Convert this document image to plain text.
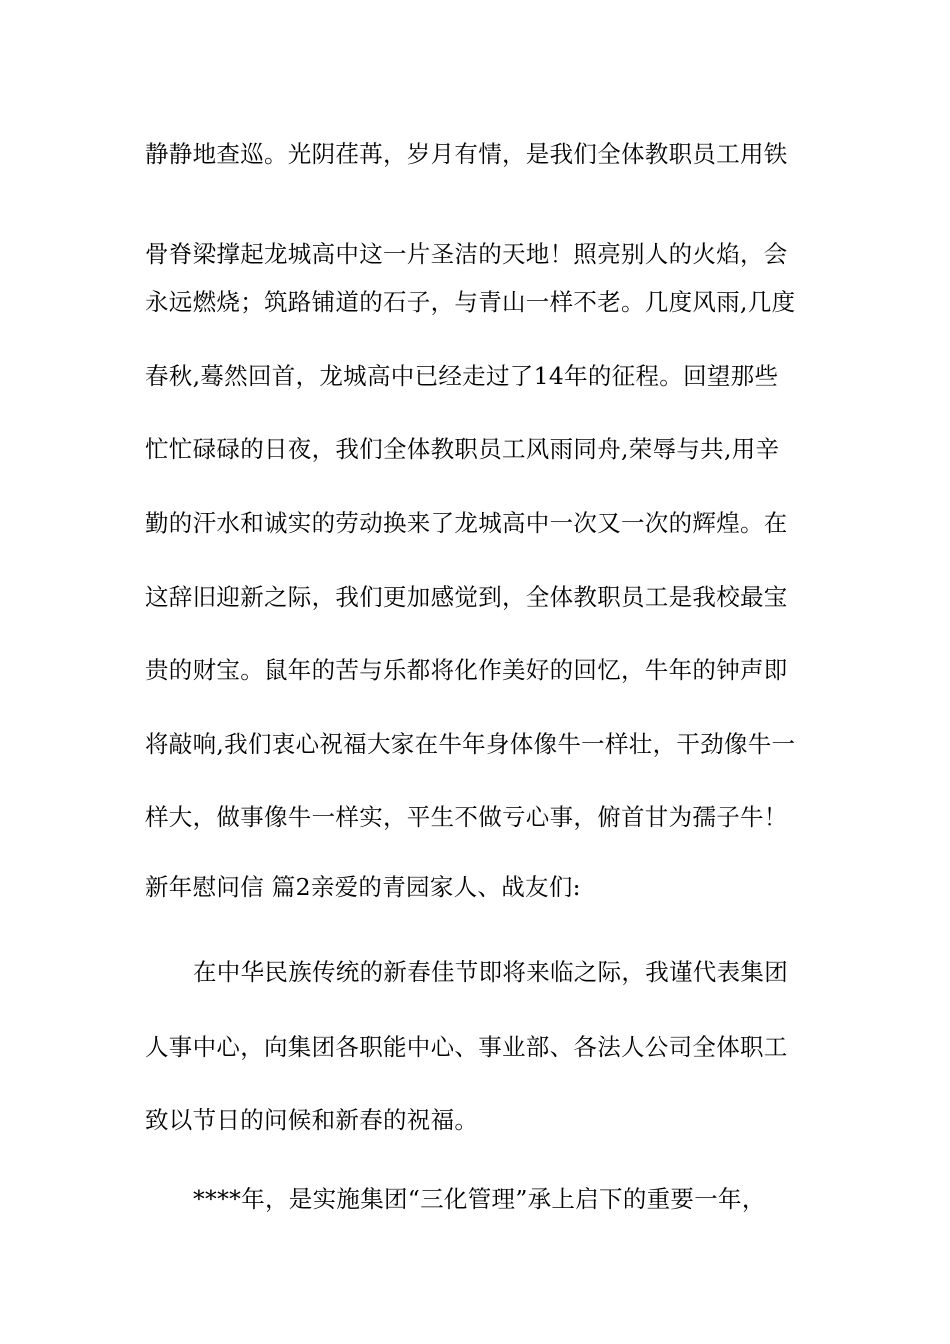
静静地查巡。光阴荏苒，岁月有情，是我们全体教职员工用铁
骨脊梁撑起龙城高中这一片圣洁的天地！照亮别人的火焰，会
永远燃烧；筑路铺道的石子，与青山一样不老。几度风雨,几度
春秋,蓦然回首，龙城高中已经走过了14年的征程。回望那些
忙忙碌碌的日夜，我们全体教职员工风雨同舟,荣辱与共,用辛
勤的汗水和诚实的劳动换来了龙城高中一次又一次的辉煌。在
这辞旧迎新之际，我们更加感觉到，全体教职员工是我校最宝
贵的财宝。鼠年的苦与乐都将化作美好的回忆，牛年的钟声即
将敲响,我们衷心祝福大家在牛年身体像牛一样壮，干劲像牛一
样大，做事像牛一样实，平生不做亏心事，俯首甘为孺子牛！
新年慰问信 篇2亲爱的青园家人、战友们:
在中华民族传统的新春佳节即将来临之际，我谨代表集团
人事中心，向集团各职能中心、事业部、各法人公司全体职工
致以节日的问候和新春的祝福。
****年，是实施集团“三化管理”承上启下的重要一年，
